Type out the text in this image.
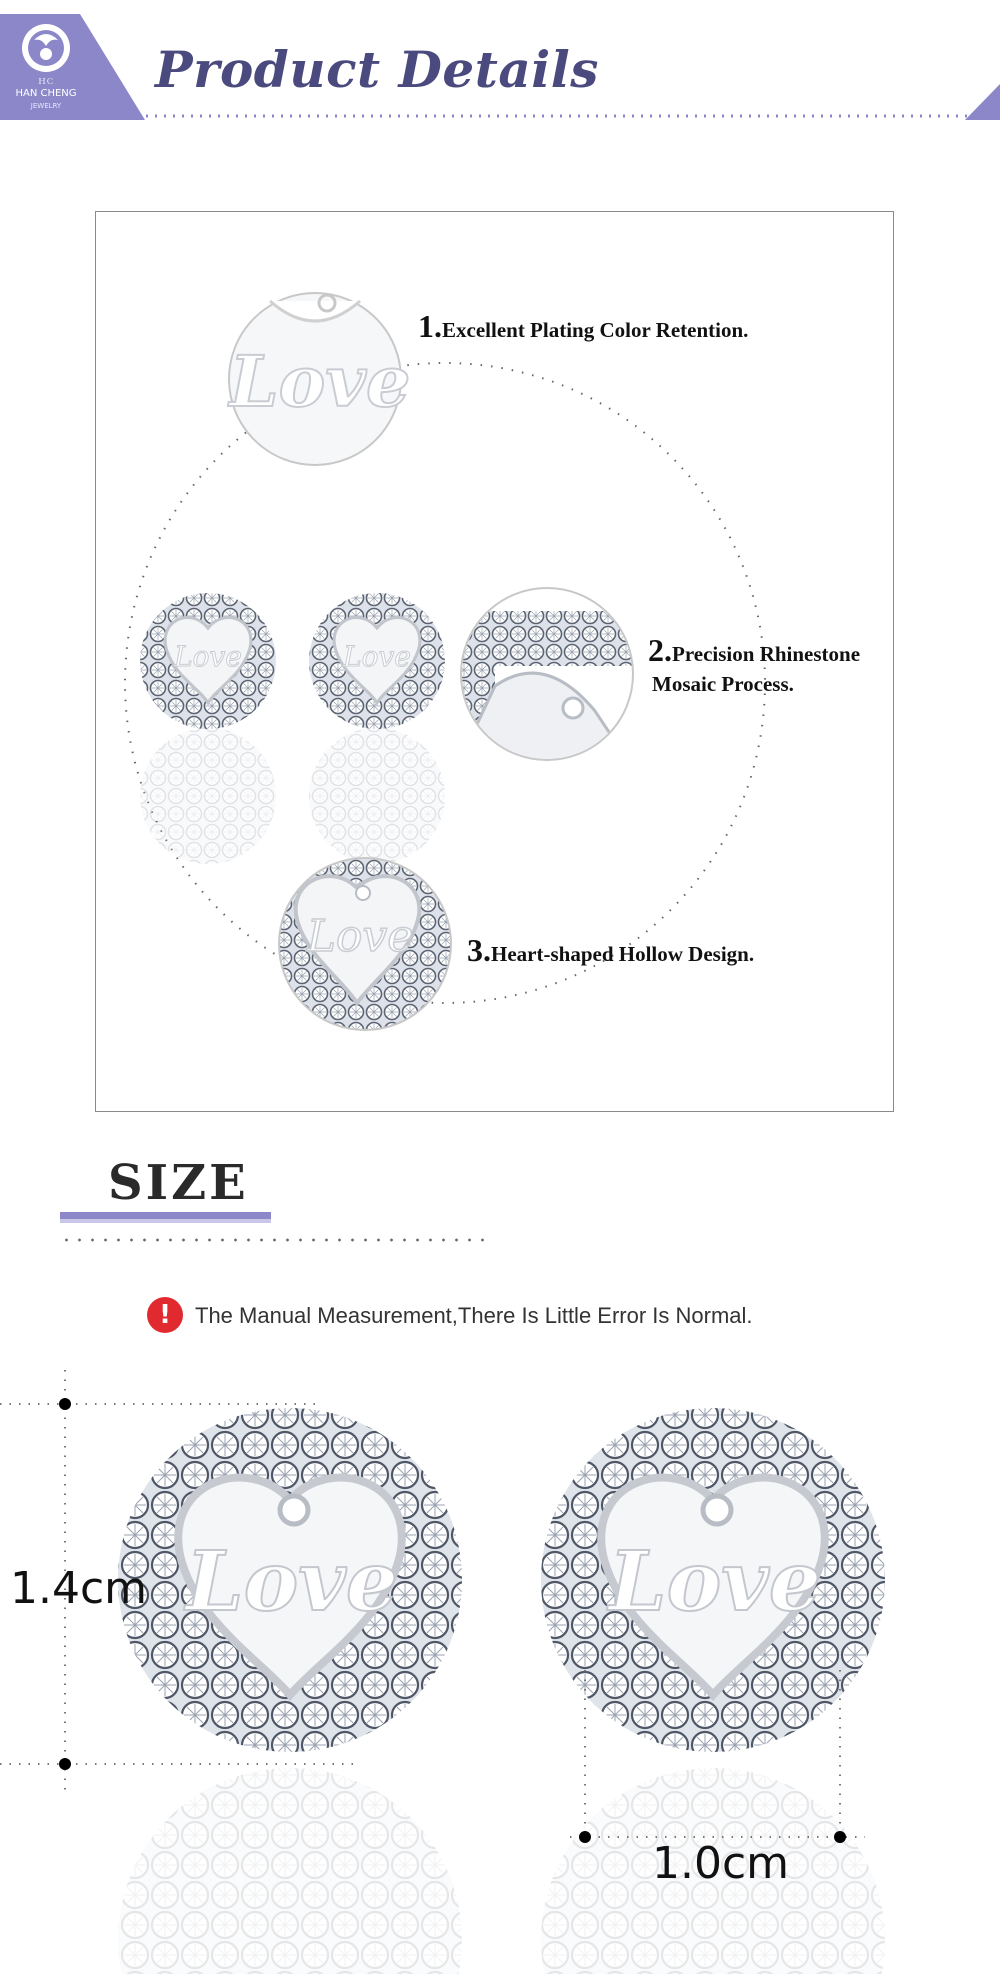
ＨＣ
HAN CHENG
JEWELRY
Product Details
Love	Love
Love
Love
1.Excellent Plating Color Retention.
2.Precision Rhinestone
Mosaic Process.
3.Heart-shaped Hollow Design.
SIZE
!	The Manual Measurement,There Is Little Error Is Normal.
Love	Love
1.4cm
1.0cm
